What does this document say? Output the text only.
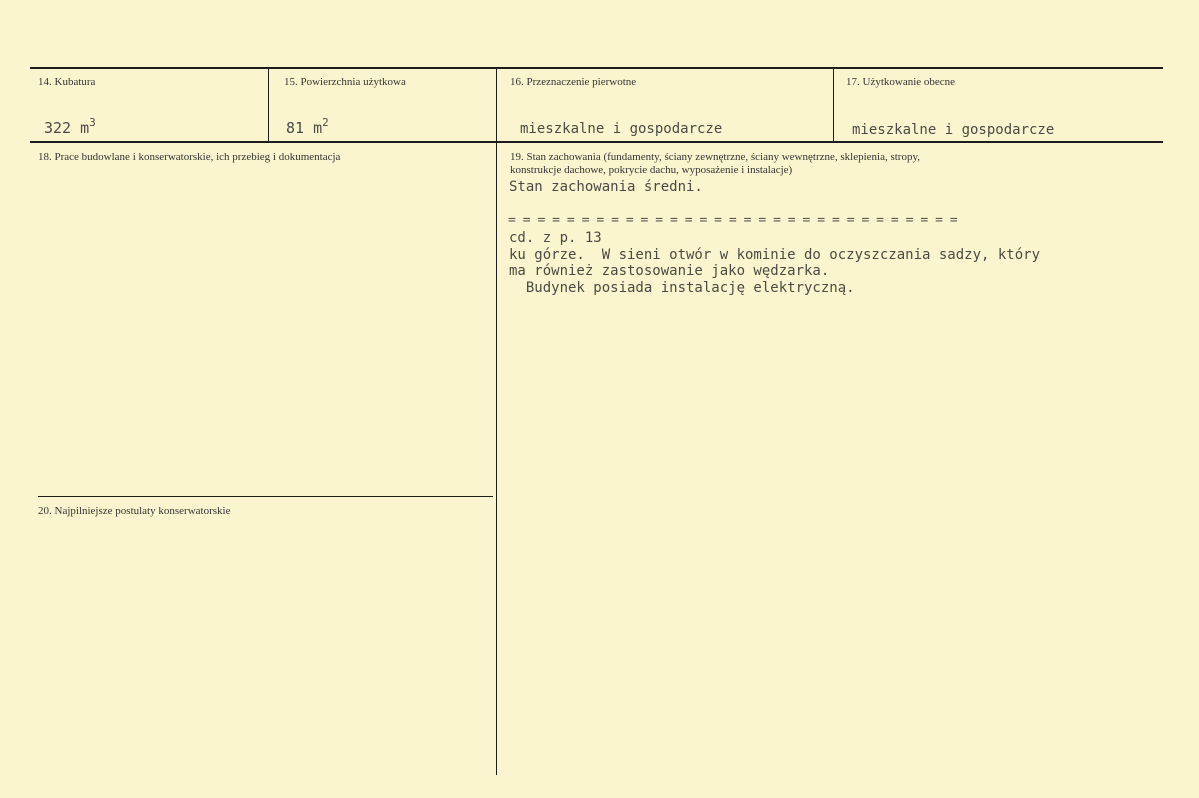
14. Kubatura
322 $m^3$
15. Powierzchnia użytkowa
81 $m^2$
16. Przeznaczenie pierwotne
mieszkalne i gospodarcze
17. Użytkowanie obecne
mieszkalne i gospodarcze
18. Prace budowlane i konserwatorskie, ich przebieg i dokumentacja	19. Stan zachowania (fundamenty, ściany zewnętrzne, ściany wewnętrzne, sklepienia, stropy,
konstrukcje dachowe, pokrycie dachu, wyposażenie i instalacje)
Stan zachowania średni.
===============================
cd. z p. 13
ku górze.  W sieni otwór w kominie do oczyszczania sadzy, który
ma również zastosowanie jako wędzarka.
Budynek posiada instalację elektryczną.
20. Najpilniejsze postulaty konserwatorskie
